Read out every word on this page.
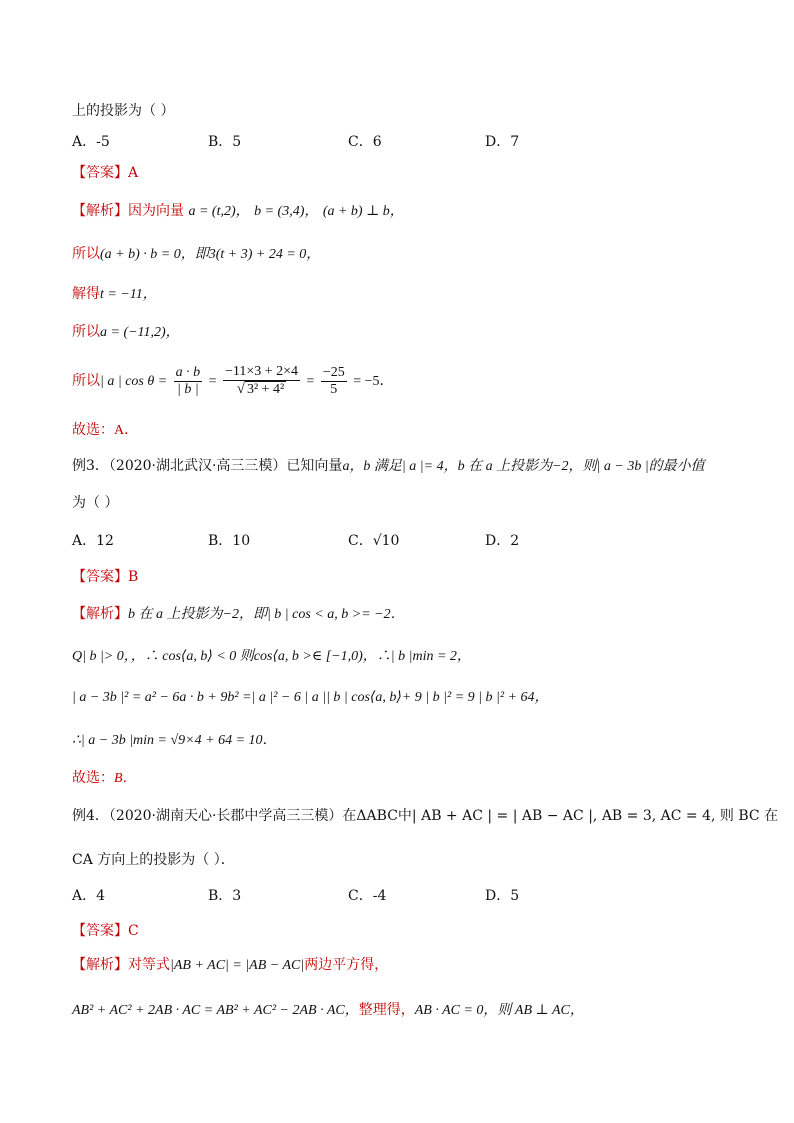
上的投影为（ ）
A．-5	B．5	C．6	D．7
【答案】A
【解析】因为向量 a = (t,2)， b = (3,4)， (a + b) ⊥ b，
所以(a + b) · b = 0，即3(t + 3) + 24 = 0，
解得t = −11，
所以a = (−11,2)，
所以| a | $\cos \theta = \frac{a \cdot b}{| b |} = \frac{-11\times 3 + 2\times 4}{\text{√ 3² + 4²}} = \frac{-25}{5} = -5$．
故选：A．
例3．（2020·湖北武汉·高三三模）已知向量a，b 满足| a |= 4，b 在 a 上投影为−2，则| a − 3b |的最小值
为（ ）
A．12	B．10	C．√10	D．2
【答案】B
【解析】b 在 a 上投影为−2，即| b | cos < a, b >= −2．
Q| b |> 0，，∴ cos⟨a, b⟩ < 0 则cos⟨a, b >∈ [−1,0)，∴| b |min = 2，
| a − 3b |² = a² − 6a · b + 9b² =| a |² − 6 | a || b | cos⟨a, b⟩+ 9 | b |² = 9 | b |² + 64，
∴| a − 3b |min = √9×4 + 64 = 10．
故选：B．
例4．（2020·湖南天心·长郡中学高三三模）在ΔABC中| AB + AC | = | AB − AC |, AB = 3, AC = 4, 则 BC 在
CA 方向上的投影为（ ）．
A．4	B．3	C．-4	D．5
【答案】C
【解析】对等式|AB + AC| = |AB − AC|两边平方得，
AB² + AC² + 2AB · AC = AB² + AC² − 2AB · AC，整理得，AB · AC = 0，则 AB ⊥ AC，
